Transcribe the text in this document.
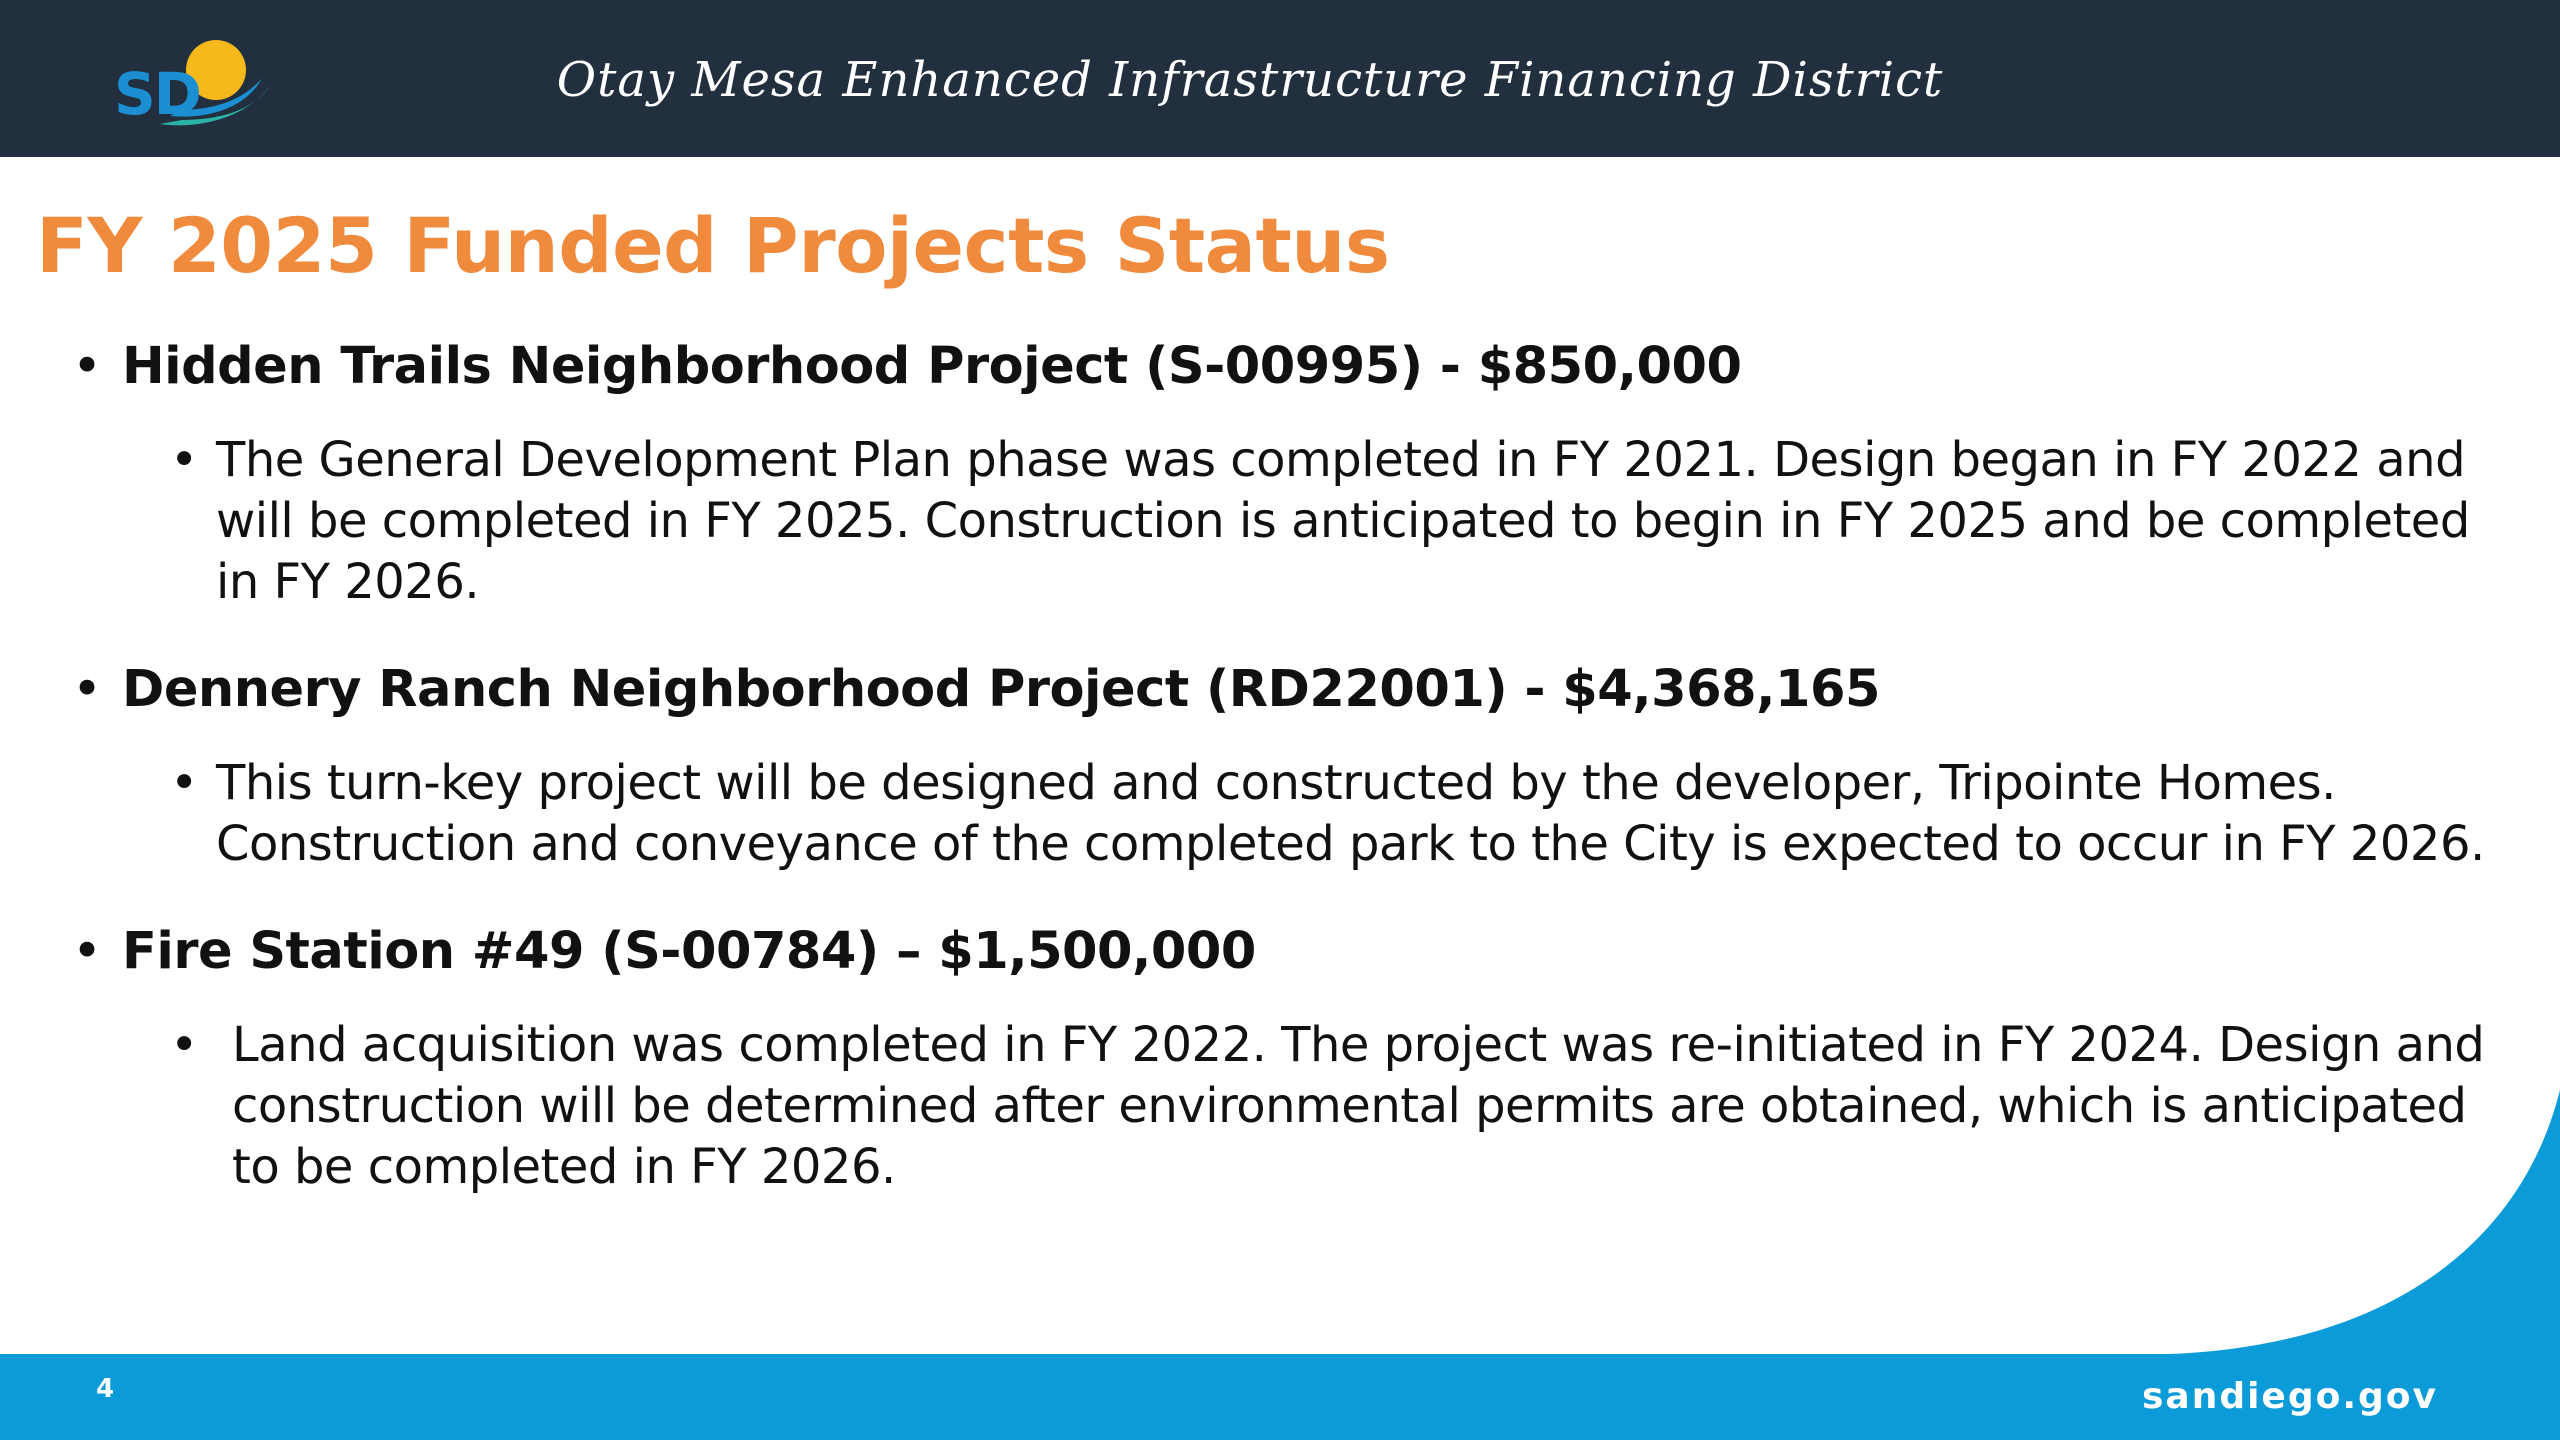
SD	Otay Mesa Enhanced Infrastructure Financing District
FY 2025 Funded Projects Status
• Hidden Trails Neighborhood Project (S-00995) - $850,000
• The General Development Plan phase was completed in FY 2021. Design began in FY 2022 and will be completed in FY 2025. Construction is anticipated to begin in FY 2025 and be completed in FY 2026.
• Dennery Ranch Neighborhood Project (RD22001) - $4,368,165
• This turn-key project will be designed and constructed by the developer, Tripointe Homes. Construction and conveyance of the completed park to the City is expected to occur in FY 2026.
• Fire Station #49 (S-00784) – $1,500,000
• Land acquisition was completed in FY 2022. The project was re-initiated in FY 2024. Design and construction will be determined after environmental permits are obtained, which is anticipated to be completed in FY 2026.
4	sandiego.gov
